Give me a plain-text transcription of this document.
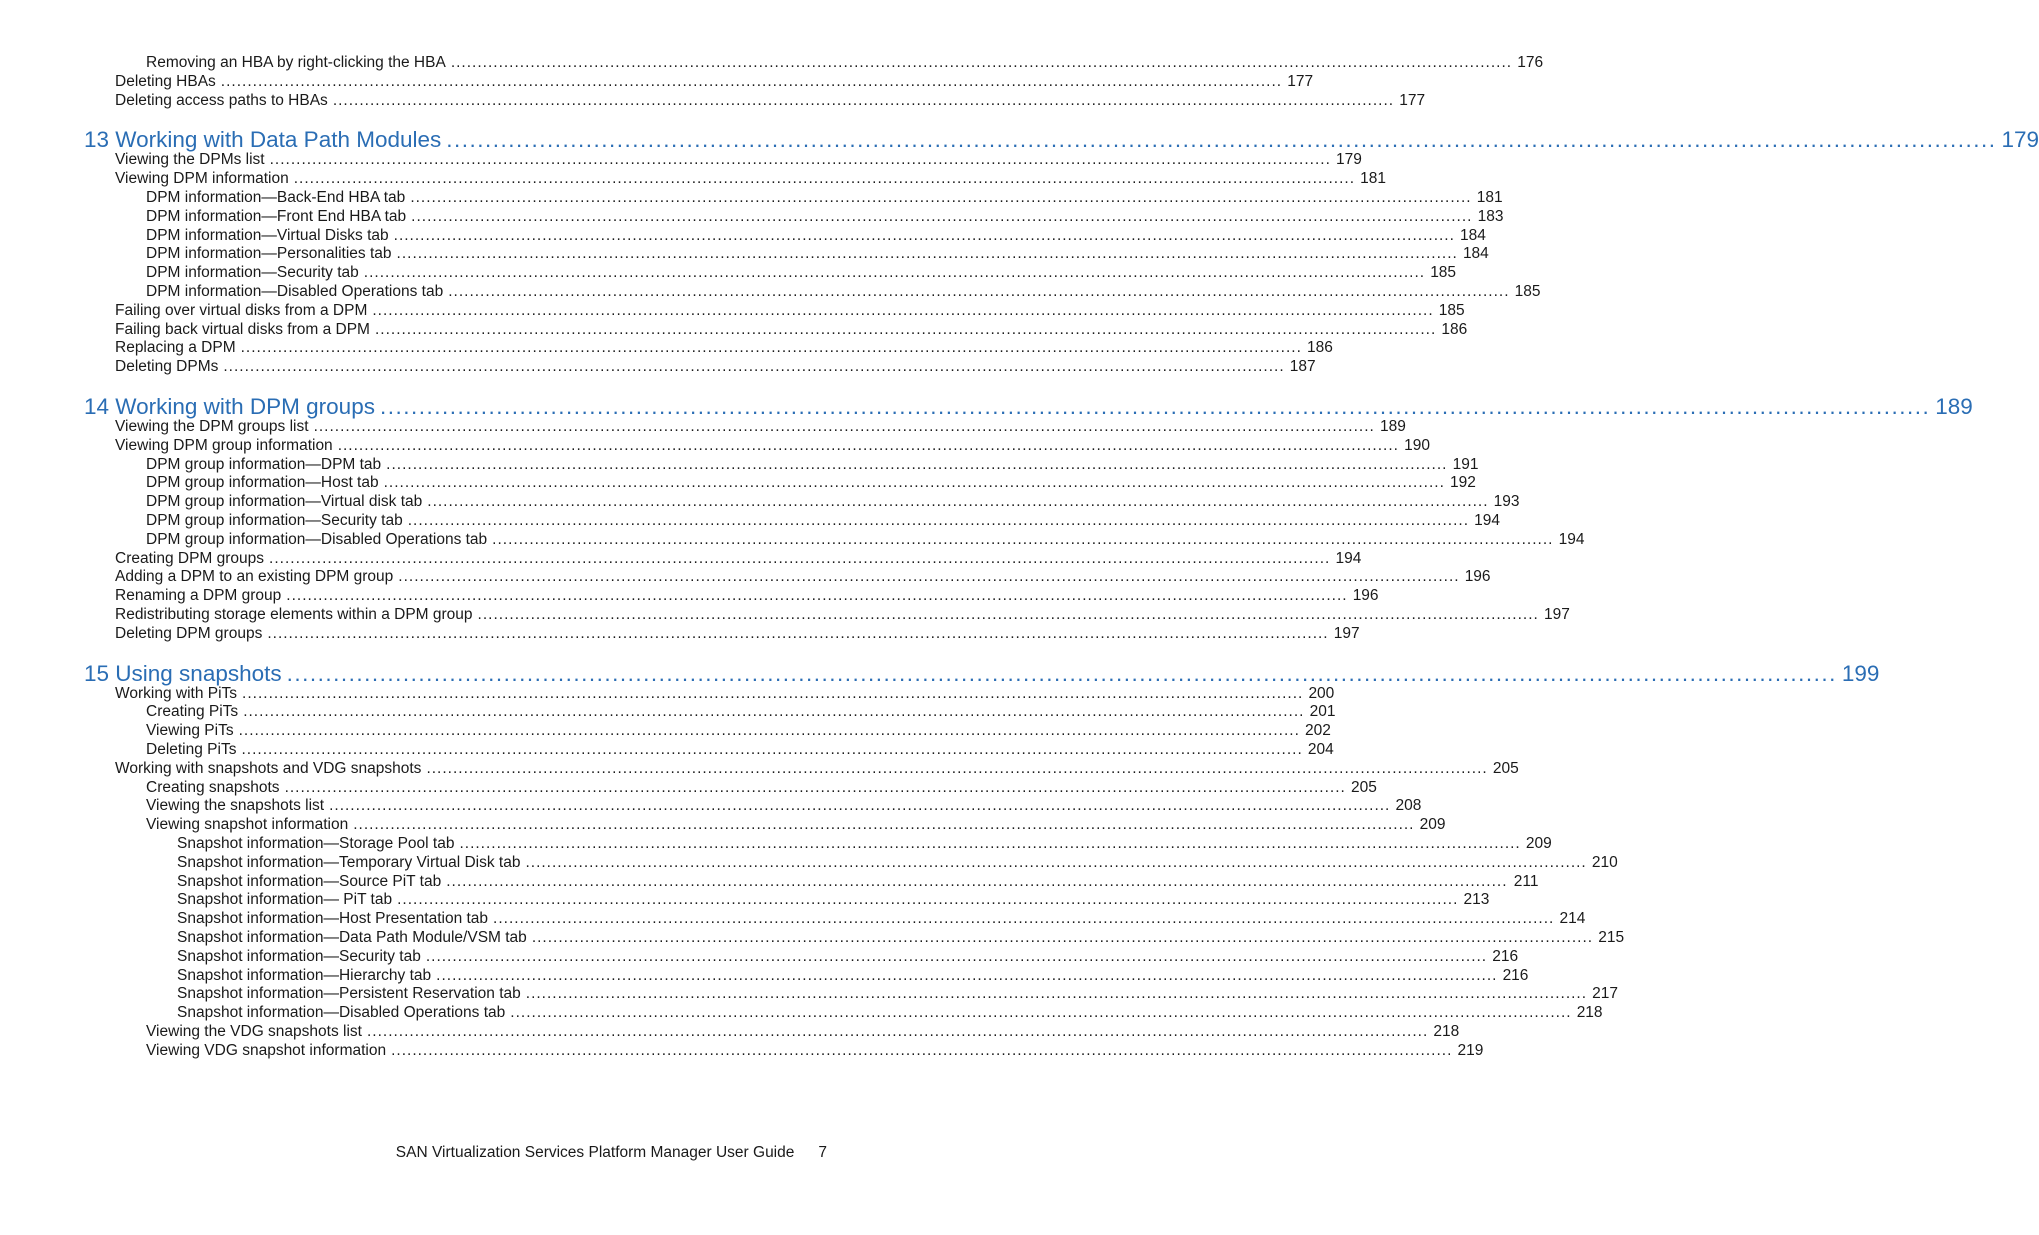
Removing an HBA by right-clicking the HBA ........................................................................................................................................................................................................ 176
Deleting HBAs ........................................................................................................................................................................................................ 177
Deleting access paths to HBAs ........................................................................................................................................................................................................ 177
13 Working with Data Path Modules ........................................................................................................................................................................................................ 179
Viewing the DPMs list ........................................................................................................................................................................................................ 179
Viewing DPM information ........................................................................................................................................................................................................ 181
DPM information—Back-End HBA tab ........................................................................................................................................................................................................ 181
DPM information—Front End HBA tab ........................................................................................................................................................................................................ 183
DPM information—Virtual Disks tab ........................................................................................................................................................................................................ 184
DPM information—Personalities tab ........................................................................................................................................................................................................ 184
DPM information—Security tab ........................................................................................................................................................................................................ 185
DPM information—Disabled Operations tab ........................................................................................................................................................................................................ 185
Failing over virtual disks from a DPM ........................................................................................................................................................................................................ 185
Failing back virtual disks from a DPM ........................................................................................................................................................................................................ 186
Replacing a DPM ........................................................................................................................................................................................................ 186
Deleting DPMs ........................................................................................................................................................................................................ 187
14 Working with DPM groups ........................................................................................................................................................................................................ 189
Viewing the DPM groups list ........................................................................................................................................................................................................ 189
Viewing DPM group information ........................................................................................................................................................................................................ 190
DPM group information—DPM tab ........................................................................................................................................................................................................ 191
DPM group information—Host tab ........................................................................................................................................................................................................ 192
DPM group information—Virtual disk tab ........................................................................................................................................................................................................ 193
DPM group information—Security tab ........................................................................................................................................................................................................ 194
DPM group information—Disabled Operations tab ........................................................................................................................................................................................................ 194
Creating DPM groups ........................................................................................................................................................................................................ 194
Adding a DPM to an existing DPM group ........................................................................................................................................................................................................ 196
Renaming a DPM group ........................................................................................................................................................................................................ 196
Redistributing storage elements within a DPM group ........................................................................................................................................................................................................ 197
Deleting DPM groups ........................................................................................................................................................................................................ 197
15 Using snapshots ........................................................................................................................................................................................................ 199
Working with PiTs ........................................................................................................................................................................................................ 200
Creating PiTs ........................................................................................................................................................................................................ 201
Viewing PiTs ........................................................................................................................................................................................................ 202
Deleting PiTs ........................................................................................................................................................................................................ 204
Working with snapshots and VDG snapshots ........................................................................................................................................................................................................ 205
Creating snapshots ........................................................................................................................................................................................................ 205
Viewing the snapshots list ........................................................................................................................................................................................................ 208
Viewing snapshot information ........................................................................................................................................................................................................ 209
Snapshot information—Storage Pool tab ........................................................................................................................................................................................................ 209
Snapshot information—Temporary Virtual Disk tab ........................................................................................................................................................................................................ 210
Snapshot information—Source PiT tab ........................................................................................................................................................................................................ 211
Snapshot information— PiT tab ........................................................................................................................................................................................................ 213
Snapshot information—Host Presentation tab ........................................................................................................................................................................................................ 214
Snapshot information—Data Path Module/VSM tab ........................................................................................................................................................................................................ 215
Snapshot information—Security tab ........................................................................................................................................................................................................ 216
Snapshot information—Hierarchy tab ........................................................................................................................................................................................................ 216
Snapshot information—Persistent Reservation tab ........................................................................................................................................................................................................ 217
Snapshot information—Disabled Operations tab ........................................................................................................................................................................................................ 218
Viewing the VDG snapshots list ........................................................................................................................................................................................................ 218
Viewing VDG snapshot information ........................................................................................................................................................................................................ 219
SAN Virtualization Services Platform Manager User Guide 7
